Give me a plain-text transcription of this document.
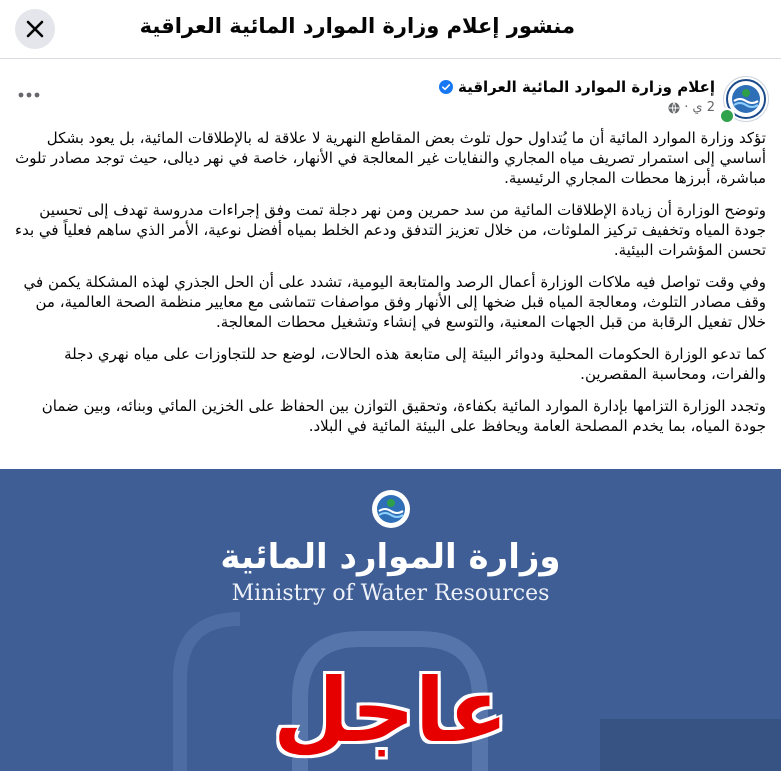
منشور إعلام وزارة الموارد المائية العراقية
إعلام وزارة الموارد المائية العراقية
2 ي
·

تؤكد وزارة الموارد المائية أن ما يُتداول حول تلوث بعض المقاطع النهرية لا علاقة له بالإطلاقات المائية، بل يعود بشكل أساسي إلى استمرار تصريف مياه المجاري والنفايات غير المعالجة في الأنهار، خاصة في نهر ديالى، حيث توجد مصادر تلوث مباشرة، أبرزها محطات المجاري الرئيسية.

وتوضح الوزارة أن زيادة الإطلاقات المائية من سد حمرين ومن نهر دجلة تمت وفق إجراءات مدروسة تهدف إلى تحسين جودة المياه وتخفيف تركيز الملوثات، من خلال تعزيز التدفق ودعم الخلط بمياه أفضل نوعية، الأمر الذي ساهم فعلياً في بدء تحسن المؤشرات البيئية.

وفي وقت تواصل فيه ملاكات الوزارة أعمال الرصد والمتابعة اليومية، تشدد على أن الحل الجذري لهذه المشكلة يكمن في وقف مصادر التلوث، ومعالجة المياه قبل ضخها إلى الأنهار وفق مواصفات تتماشى مع معايير منظمة الصحة العالمية، من خلال تفعيل الرقابة من قبل الجهات المعنية، والتوسع في إنشاء وتشغيل محطات المعالجة.

كما تدعو الوزارة الحكومات المحلية ودوائر البيئة إلى متابعة هذه الحالات، لوضع حد للتجاوزات على مياه نهري دجلة والفرات، ومحاسبة المقصرين.

وتجدد الوزارة التزامها بإدارة الموارد المائية بكفاءة، وتحقيق التوازن بين الحفاظ على الخزين المائي وبنائه، وبين ضمان جودة المياه، بما يخدم المصلحة العامة ويحافظ على البيئة المائية في البلاد.

وزارة الموارد المائية
Ministry of Water Resources
عاجل
